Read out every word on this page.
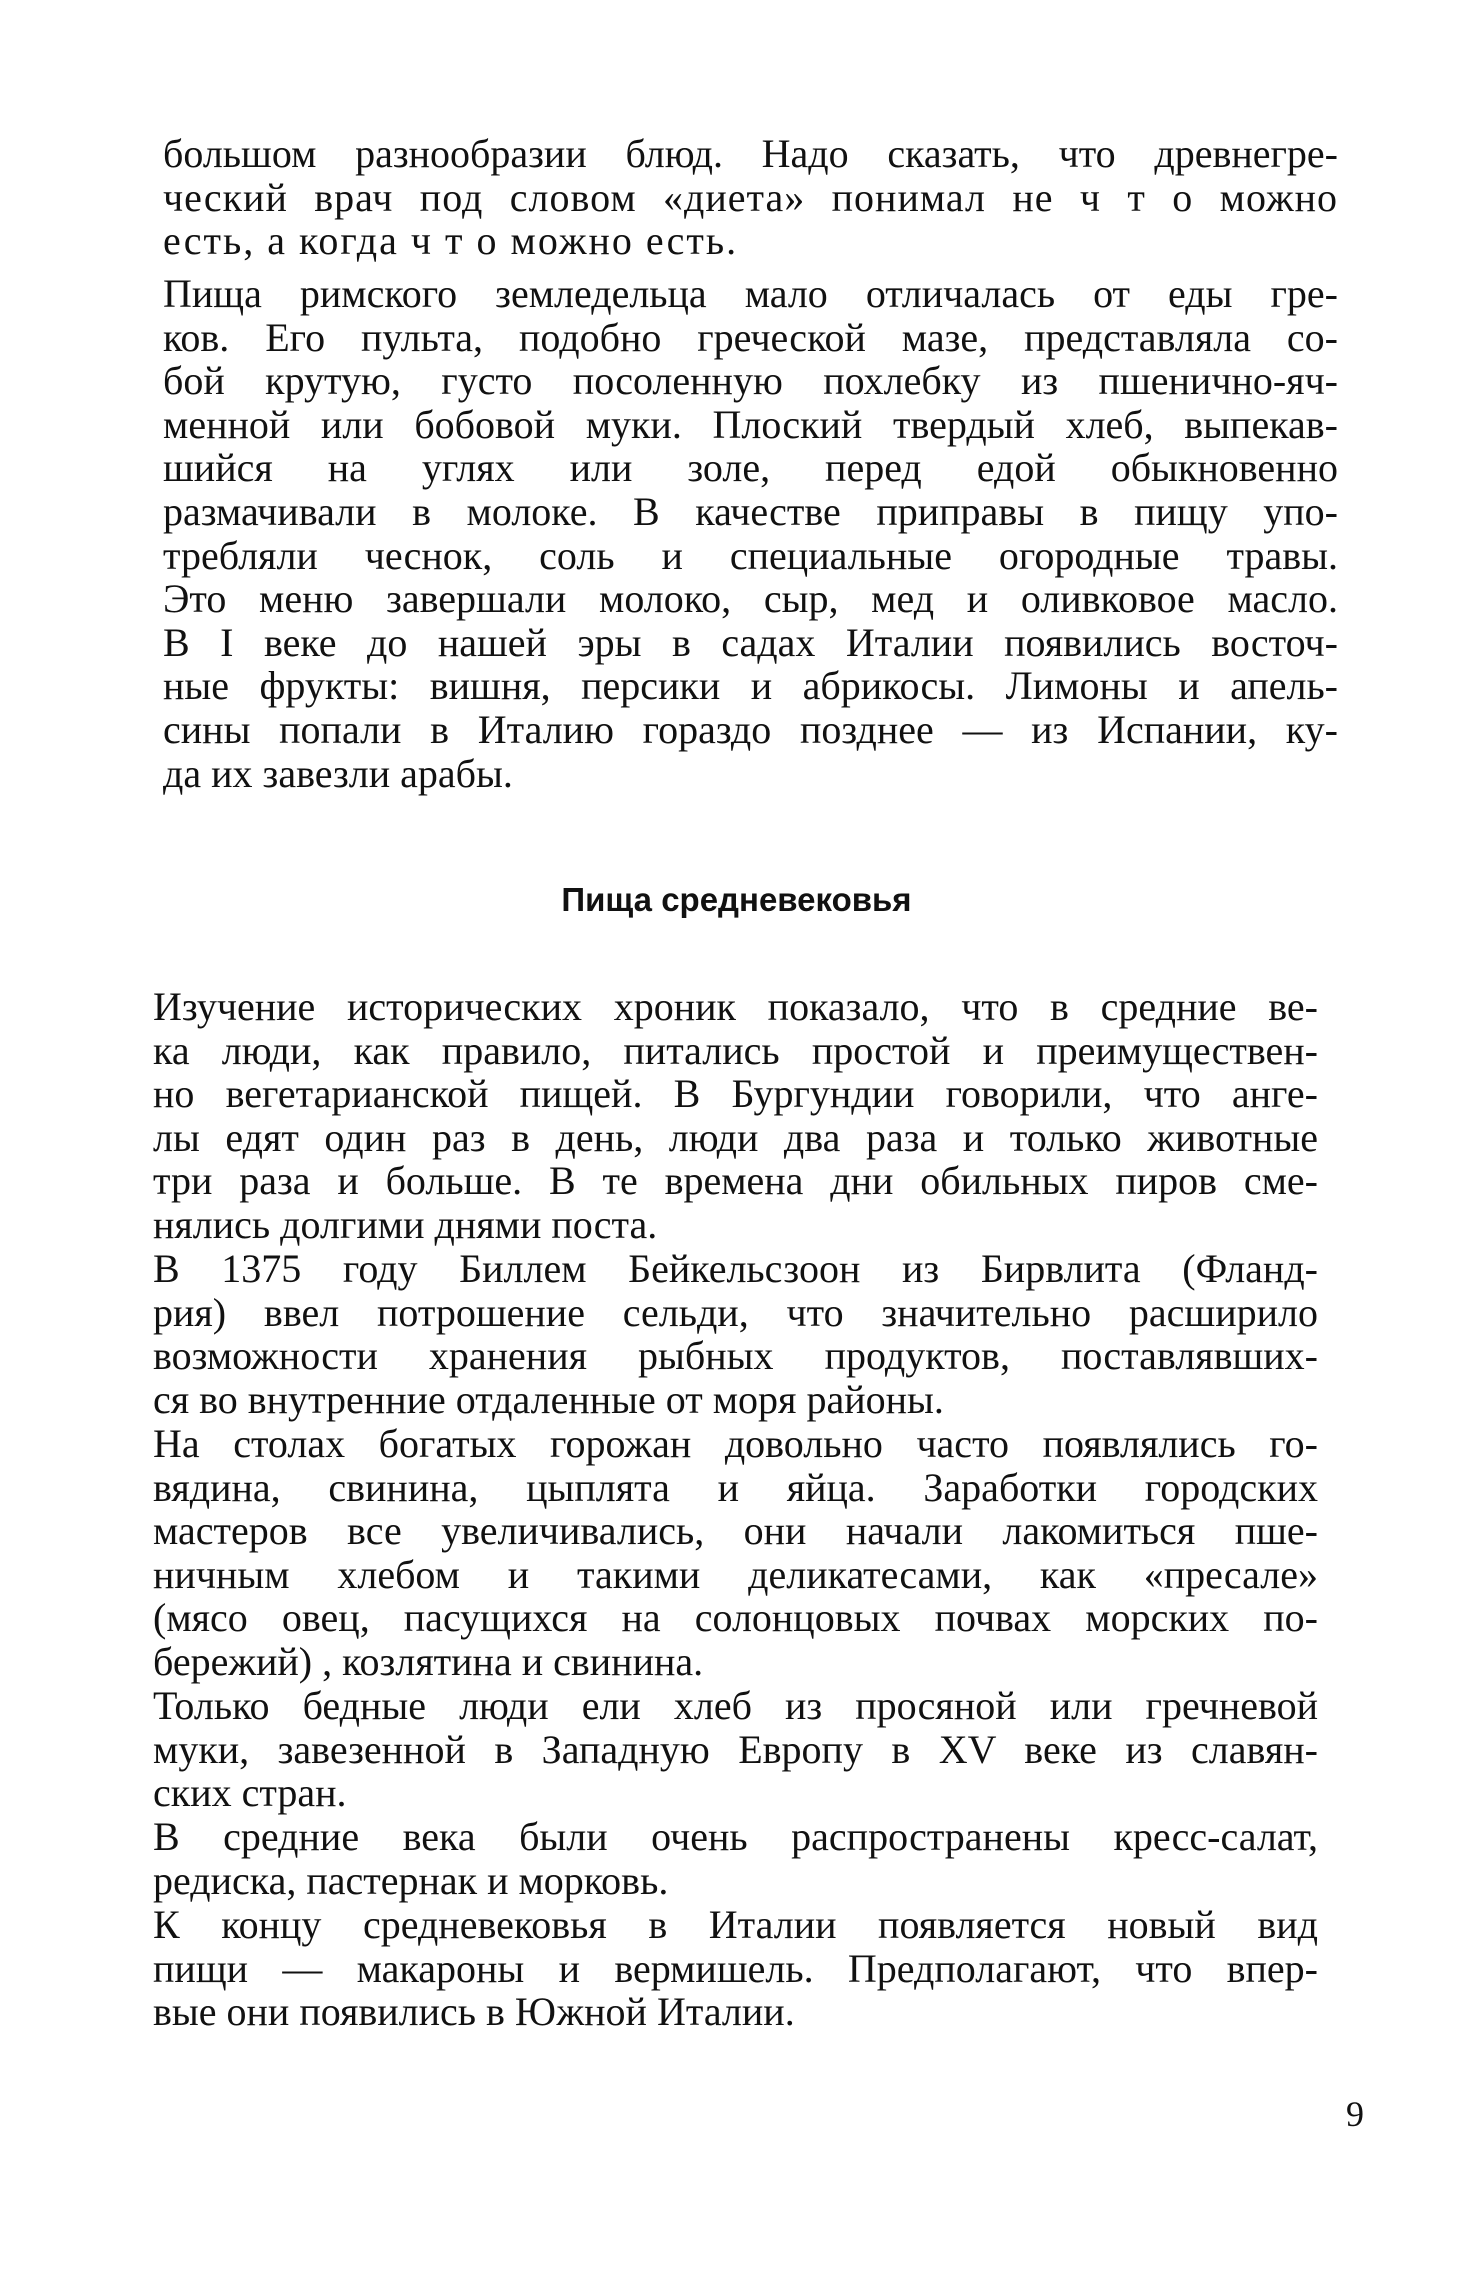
большом разнообразии блюд. Надо сказать, что древнегре-
ческий врач под словом «диета» понимал не ч т о можно
есть, а когда ч т о можно есть.
Пища римского земледельца мало отличалась от еды гре-
ков. Его пульта, подобно греческой мазе, представляла со-
бой крутую, густо посоленную похлебку из пшенично-яч-
менной или бобовой муки. Плоский твердый хлеб, выпекав-
шийся на углях или золе, перед едой обыкновенно
размачивали в молоке. В качестве приправы в пищу упо-
требляли чеснок, соль и специальные огородные травы.
Это меню завершали молоко, сыр, мед и оливковое масло.
В I веке до нашей эры в садах Италии появились восточ-
ные фрукты: вишня, персики и абрикосы. Лимоны и апель-
сины попали в Италию гораздо позднее — из Испании, ку-
да их завезли арабы.
Пища средневековья
Изучение исторических хроник показало, что в средние ве-
ка люди, как правило, питались простой и преимуществен-
но вегетарианской пищей. В Бургундии говорили, что анге-
лы едят один раз в день, люди два раза и только животные
три раза и больше. В те времена дни обильных пиров сме-
нялись долгими днями поста.
В 1375 году Биллем Бейкельсзоон из Бирвлита (Фланд-
рия) ввел потрошение сельди, что значительно расширило
возможности хранения рыбных продуктов, поставлявших-
ся во внутренние отдаленные от моря районы.
На столах богатых горожан довольно часто появлялись го-
вядина, свинина, цыплята и яйца. Заработки городских
мастеров все увеличивались, они начали лакомиться пше-
ничным хлебом и такими деликатесами, как «пресале»
(мясо овец, пасущихся на солонцовых почвах морских по-
бережий) , козлятина и свинина.
Только бедные люди ели хлеб из просяной или гречневой
муки, завезенной в Западную Европу в XV веке из славян-
ских стран.
В средние века были очень распространены кресс-салат,
редиска, пастернак и морковь.
К концу средневековья в Италии появляется новый вид
пищи — макароны и вермишель. Предполагают, что впер-
вые они появились в Южной Италии.
9
